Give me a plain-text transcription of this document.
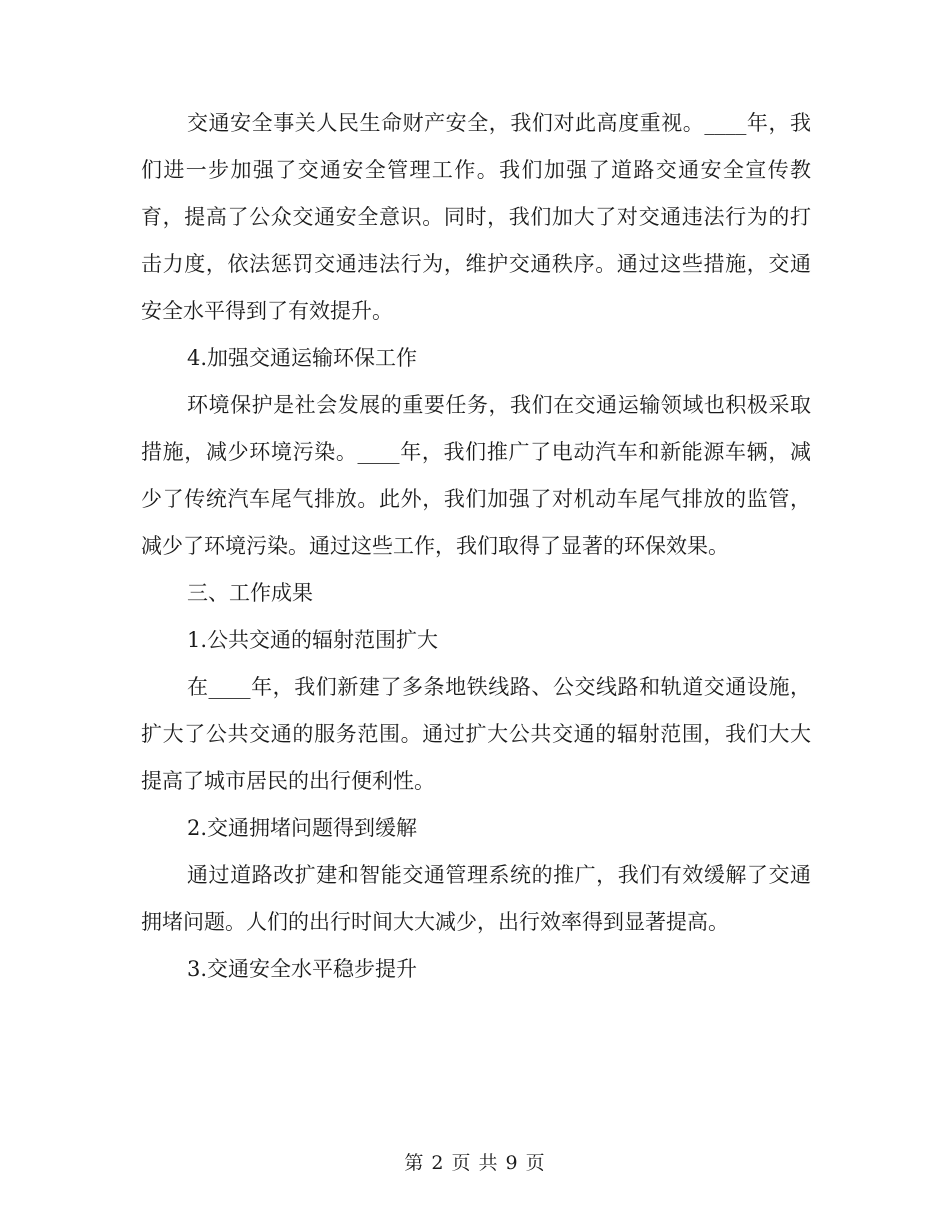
交通安全事关人民生命财产安全，我们对此高度重视。____年，我们进一步加强了交通安全管理工作。我们加强了道路交通安全宣传教育，提高了公众交通安全意识。同时，我们加大了对交通违法行为的打击力度，依法惩罚交通违法行为，维护交通秩序。通过这些措施，交通安全水平得到了有效提升。

4.加强交通运输环保工作

环境保护是社会发展的重要任务，我们在交通运输领域也积极采取措施，减少环境污染。____年，我们推广了电动汽车和新能源车辆，减少了传统汽车尾气排放。此外，我们加强了对机动车尾气排放的监管，减少了环境污染。通过这些工作，我们取得了显著的环保效果。

三、工作成果

1.公共交通的辐射范围扩大

在____年，我们新建了多条地铁线路、公交线路和轨道交通设施，扩大了公共交通的服务范围。通过扩大公共交通的辐射范围，我们大大提高了城市居民的出行便利性。

2.交通拥堵问题得到缓解

通过道路改扩建和智能交通管理系统的推广，我们有效缓解了交通拥堵问题。人们的出行时间大大减少，出行效率得到显著提高。

3.交通安全水平稳步提升

第 2 页 共 9 页
